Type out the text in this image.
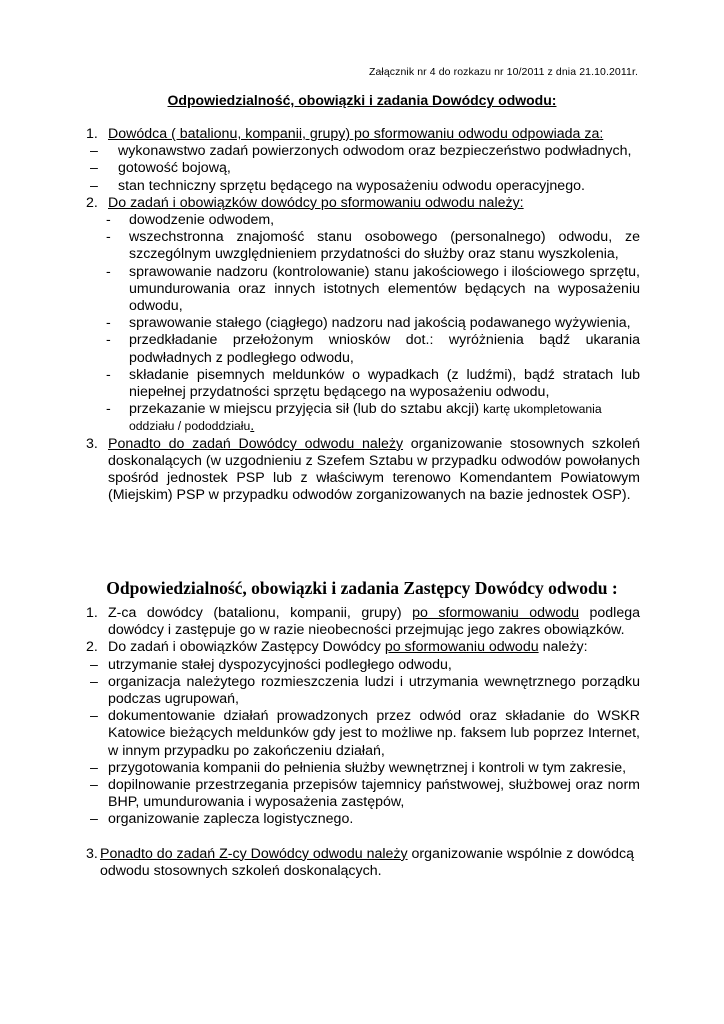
Załącznik nr 4 do rozkazu nr 10/2011 z dnia 21.10.2011r.
Odpowiedzialność, obowiązki i zadania Dowódcy odwodu:
1. Dowódca ( batalionu, kompanii, grupy) po sformowaniu odwodu odpowiada za:
–	wykonawstwo zadań powierzonych odwodom oraz bezpieczeństwo podwładnych,
–	gotowość bojową,
–	stan techniczny sprzętu będącego na wyposażeniu odwodu operacyjnego.
2. Do zadań i obowiązków dowódcy po sformowaniu odwodu należy:
-	dowodzenie odwodem,
-	wszechstronna znajomość stanu osobowego (personalnego) odwodu, ze szczególnym uwzględnieniem przydatności do służby oraz stanu wyszkolenia,
-	sprawowanie nadzoru (kontrolowanie) stanu jakościowego i ilościowego sprzętu, umundurowania oraz innych istotnych elementów będących na wyposażeniu odwodu,
-	sprawowanie stałego (ciągłego) nadzoru nad jakością podawanego wyżywienia,
-	przedkładanie przełożonym wniosków dot.: wyróżnienia bądź ukarania podwładnych z podległego odwodu,
-	składanie pisemnych meldunków o wypadkach (z ludźmi), bądź stratach lub niepełnej przydatności sprzętu będącego na wyposażeniu odwodu,
-	przekazanie w miejscu przyjęcia sił (lub do sztabu akcji) kartę ukompletowania oddziału / pododdziału.
3. Ponadto do zadań Dowódcy odwodu należy organizowanie stosownych szkoleń doskonalących (w uzgodnieniu z Szefem Sztabu w przypadku odwodów powołanych spośród jednostek PSP lub z właściwym terenowo Komendantem Powiatowym (Miejskim) PSP w przypadku odwodów zorganizowanych na bazie jednostek OSP).
Odpowiedzialność, obowiązki i zadania Zastępcy Dowódcy odwodu :
1. Z-ca dowódcy (batalionu, kompanii, grupy) po sformowaniu odwodu podlega dowódcy i zastępuje go w razie nieobecności przejmując jego zakres obowiązków.
2. Do zadań i obowiązków Zastępcy Dowódcy po sformowaniu odwodu należy:
– utrzymanie stałej dyspozycyjności podległego odwodu,
– organizacja należytego rozmieszczenia ludzi i utrzymania wewnętrznego porządku podczas ugrupowań,
– dokumentowanie działań prowadzonych przez odwód oraz składanie do WSKR Katowice bieżących meldunków gdy jest to możliwe np. faksem lub poprzez Internet, w innym przypadku po zakończeniu działań,
– przygotowania kompanii do pełnienia służby wewnętrznej i kontroli w tym zakresie,
– dopilnowanie przestrzegania przepisów tajemnicy państwowej, służbowej oraz norm BHP, umundurowania i wyposażenia zastępów,
– organizowanie zaplecza logistycznego.
3. Ponadto do zadań Z-cy Dowódcy odwodu należy organizowanie wspólnie z dowódcą odwodu stosownych szkoleń doskonalących.
